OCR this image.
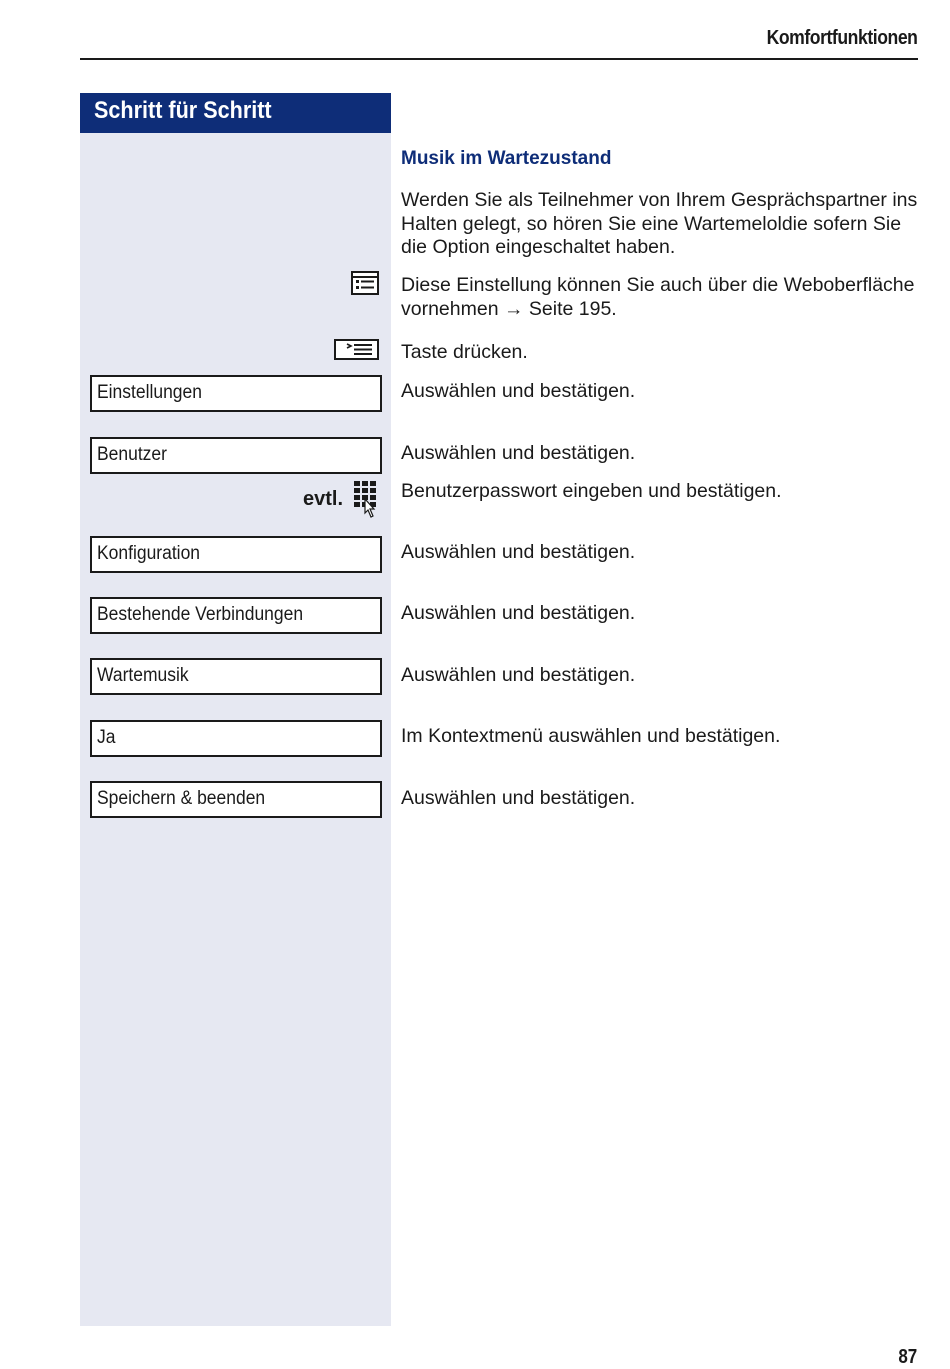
Komfortfunktionen
Schritt für Schritt
Musik im Wartezustand
Werden Sie als Teilnehmer von Ihrem Gesprächspartner ins Halten gelegt, so hören Sie eine Wartemeloldie sofern Sie die Option eingeschaltet haben.
Diese Einstellung können Sie auch über die Weboberfläche vornehmen → Seite 195.
Taste drücken.
Einstellungen	Auswählen und bestätigen.
Benutzer	Auswählen und bestätigen.
evtl.	Benutzerpasswort eingeben und bestätigen.
Konfiguration	Auswählen und bestätigen.
Bestehende Verbindungen	Auswählen und bestätigen.
Wartemusik	Auswählen und bestätigen.
Ja	Im Kontextmenü auswählen und bestätigen.
Speichern & beenden	Auswählen und bestätigen.
87
